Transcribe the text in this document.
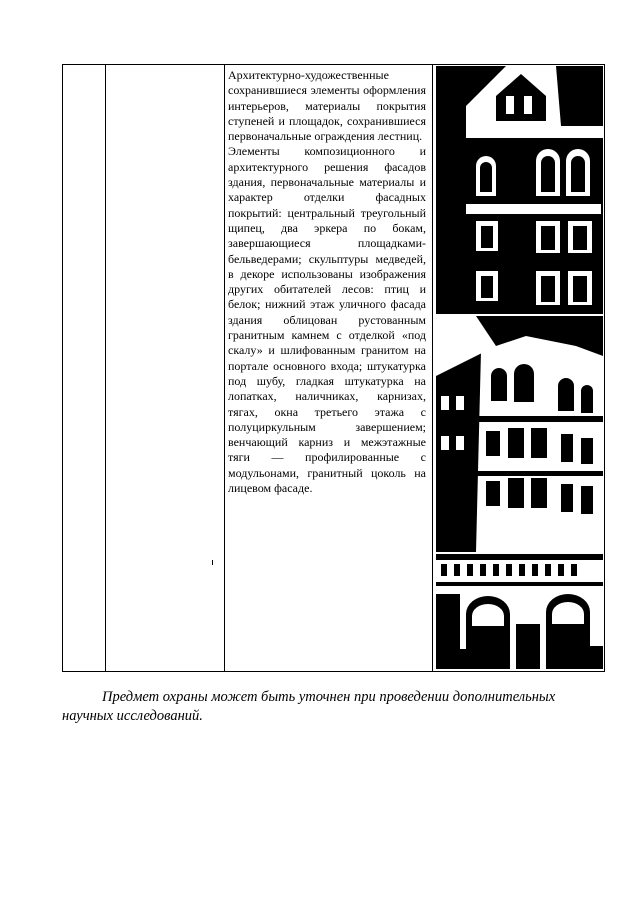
Архитектурно-художественные сохранившиеся элементы оформления интерьеров, материалы покрытия ступеней и площадок, сохранившиеся первоначальные ограждения лестниц.

Элементы композиционного и архитектурного решения фасадов здания, первоначальные материалы и характер отделки фасадных покрытий: центральный треугольный щипец, два эркера по бокам, завершающиеся площадками-бельведерами; скульптуры медведей, в декоре использованы изображения других обитателей лесов: птиц и белок; нижний этаж уличного фасада здания облицован рустованным гранитным камнем с отделкой «под скалу» и шлифованным гранитом на портале основного входа; штукатурка под шубу, гладкая штукатурка на лопатках, наличниках, карнизах, тягах, окна третьего этажа с полуциркульным завершением; венчающий карниз и межэтажные тяги — профилированные с модульонами, гранитный цоколь на лицевом фасаде.

Предмет охраны может быть уточнен при проведении дополнительных научных исследований.
